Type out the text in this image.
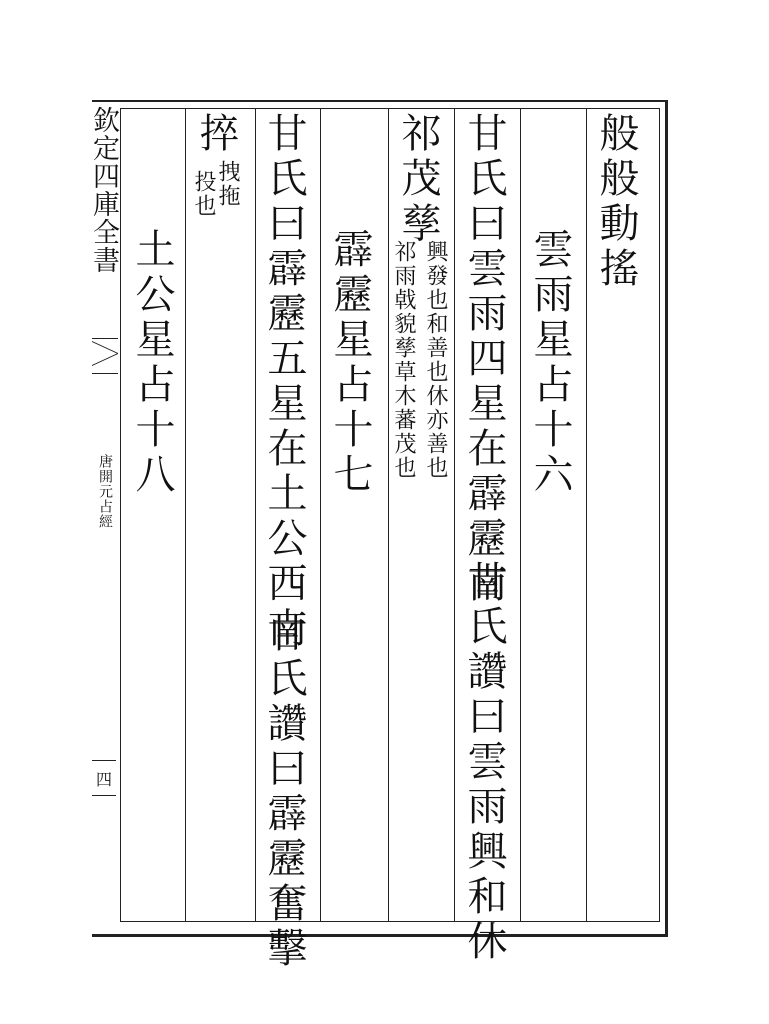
般般動搖
雲雨星占十六
甘氏曰雲雨四星在霹靂南
甘氏讚曰雲雨興和休
祁茂孳
興發也和善也休亦善也
祁雨㦸貌孳草木蕃茂也
霹靂星占十七
甘氏曰霹靂五星在土公西南
甘氏讚曰霹靂奮擊
捽
拽拖
投也
土公星占十八
欽定四庫全書
唐開元占經
四
